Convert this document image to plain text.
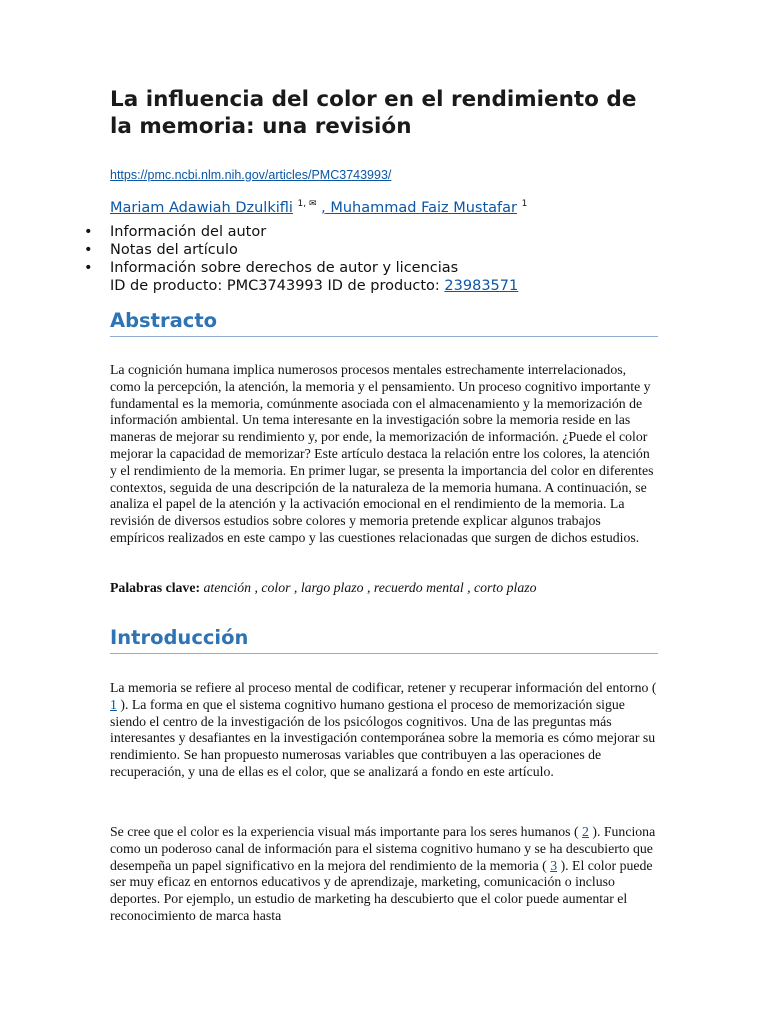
La influencia del color en el rendimiento de la memoria: una revisión
https://pmc.ncbi.nlm.nih.gov/articles/PMC3743993/
Mariam Adawiah Dzulkifli $^{1, ✉}$ , Muhammad Faiz Mustafar $^1$
• Información del autor
• Notas del artículo
• Información sobre derechos de autor y licencias
ID de producto: PMC3743993 ID de producto: 23983571
Abstracto

La cognición humana implica numerosos procesos mentales estrechamente interrelacionados, como la percepción, la atención, la memoria y el pensamiento. Un proceso cognitivo importante y fundamental es la memoria, comúnmente asociada con el almacenamiento y la memorización de información ambiental. Un tema interesante en la investigación sobre la memoria reside en las maneras de mejorar su rendimiento y, por ende, la memorización de información. ¿Puede el color mejorar la capacidad de memorizar? Este artículo destaca la relación entre los colores, la atención y el rendimiento de la memoria. En primer lugar, se presenta la importancia del color en diferentes contextos, seguida de una descripción de la naturaleza de la memoria humana. A continuación, se analiza el papel de la atención y la activación emocional en el rendimiento de la memoria. La revisión de diversos estudios sobre colores y memoria pretende explicar algunos trabajos empíricos realizados en este campo y las cuestiones relacionadas que surgen de dichos estudios.

Palabras clave: atención , color , largo plazo , recuerdo mental , corto plazo

Introducción

La memoria se refiere al proceso mental de codificar, retener y recuperar información del entorno ( 1 ). La forma en que el sistema cognitivo humano gestiona el proceso de memorización sigue siendo el centro de la investigación de los psicólogos cognitivos. Una de las preguntas más interesantes y desafiantes en la investigación contemporánea sobre la memoria es cómo mejorar su rendimiento. Se han propuesto numerosas variables que contribuyen a las operaciones de recuperación, y una de ellas es el color, que se analizará a fondo en este artículo.

Se cree que el color es la experiencia visual más importante para los seres humanos ( 2 ). Funciona como un poderoso canal de información para el sistema cognitivo humano y se ha descubierto que desempeña un papel significativo en la mejora del rendimiento de la memoria ( 3 ). El color puede ser muy eficaz en entornos educativos y de aprendizaje, marketing, comunicación o incluso deportes. Por ejemplo, un estudio de marketing ha descubierto que el color puede aumentar el reconocimiento de marca hasta
